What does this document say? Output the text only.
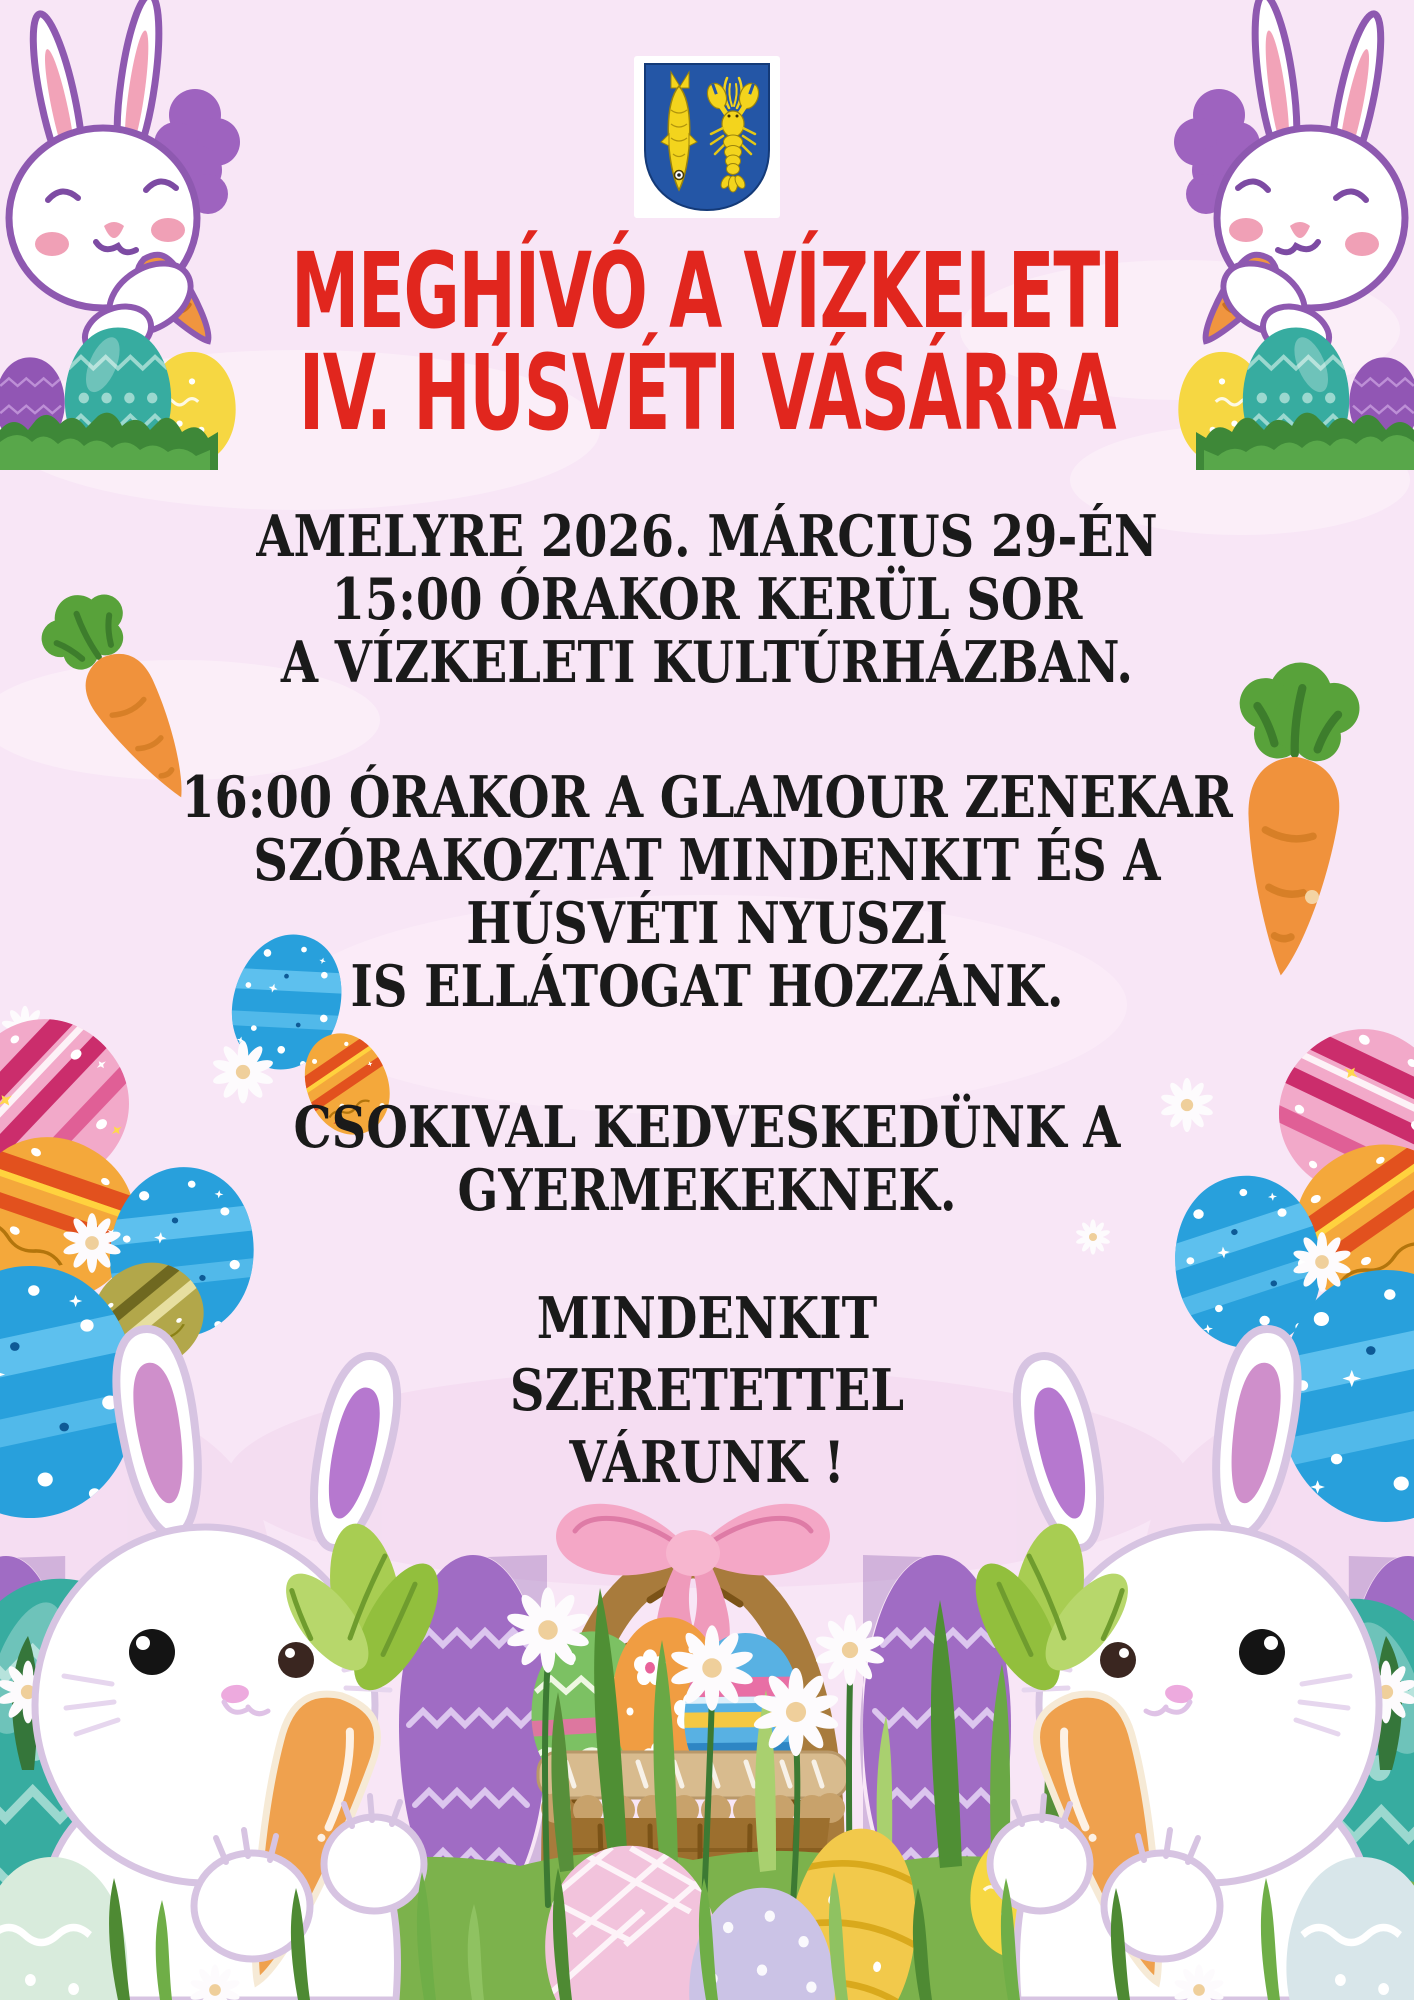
MEGHÍVÓ A VÍZKELETI
IV. HÚSVÉTI VÁSÁRRA
AMELYRE 2026. MÁRCIUS 29-ÉN
15:00 ÓRAKOR KERÜL SOR
A VÍZKELETI KULTÚRHÁZBAN.
16:00 ÓRAKOR A GLAMOUR ZENEKAR
SZÓRAKOZTAT MINDENKIT ÉS A
HÚSVÉTI NYUSZI
IS ELLÁTOGAT HOZZÁNK.
CSOKIVAL KEDVESKEDÜNK A
GYERMEKEKNEK.
MINDENKIT
SZERETETTEL
VÁRUNK !
